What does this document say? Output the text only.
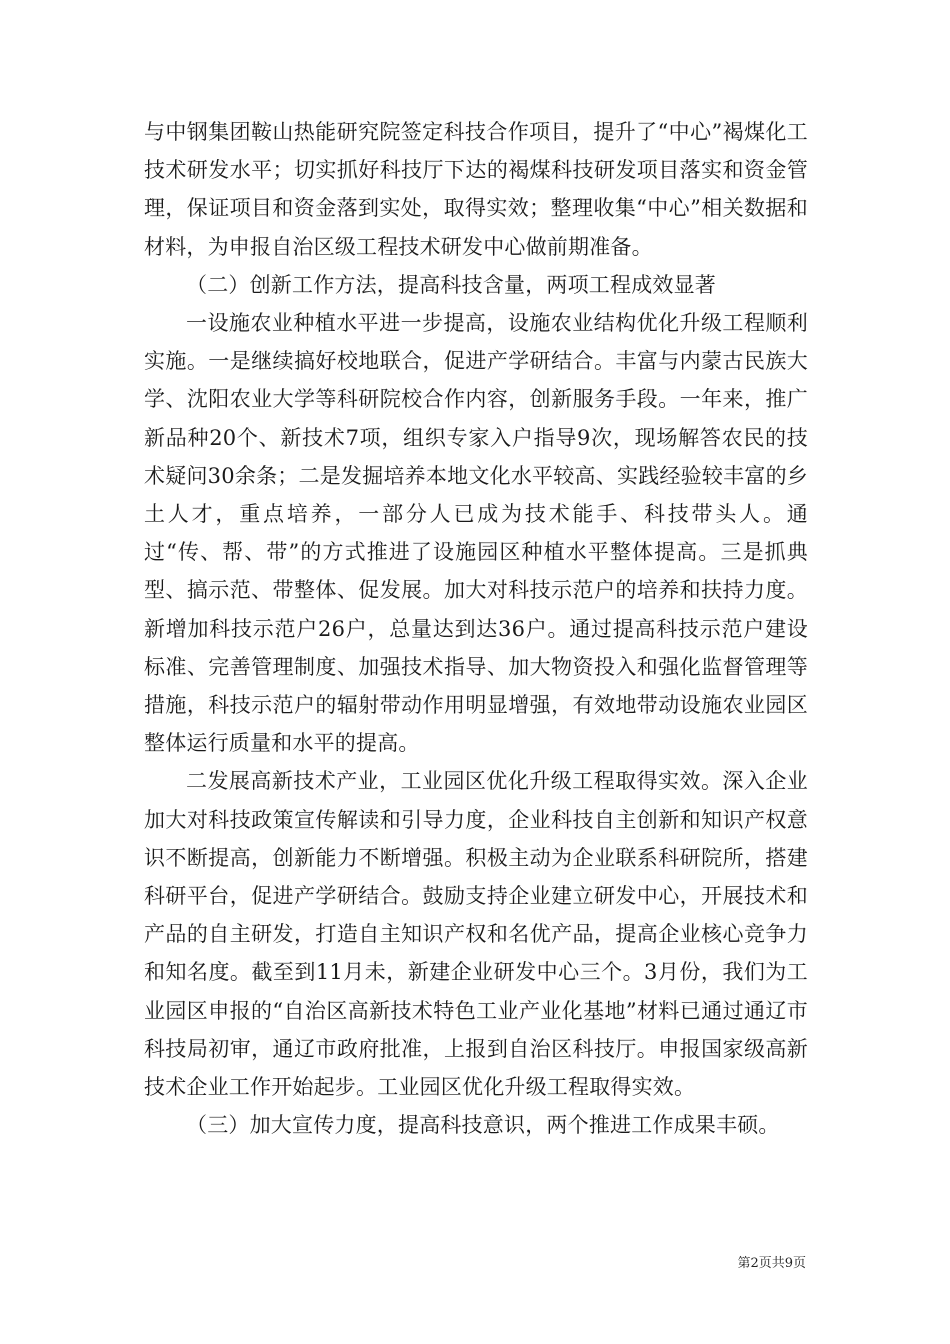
与中钢集团鞍山热能研究院签定科技合作项目，提升了“中心”褐煤化工技术研发水平；切实抓好科技厅下达的褐煤科技研发项目落实和资金管理，保证项目和资金落到实处，取得实效；整理收集“中心”相关数据和材料，为申报自治区级工程技术研发中心做前期准备。

（二）创新工作方法，提高科技含量，两项工程成效显著

一设施农业种植水平进一步提高，设施农业结构优化升级工程顺利实施。一是继续搞好校地联合，促进产学研结合。丰富与内蒙古民族大学、沈阳农业大学等科研院校合作内容，创新服务手段。一年来，推广新品种20个、新技术7项，组织专家入户指导9次，现场解答农民的技术疑问30余条；二是发掘培养本地文化水平较高、实践经验较丰富的乡土人才，重点培养，一部分人已成为技术能手、科技带头人。通过“传、帮、带”的方式推进了设施园区种植水平整体提高。三是抓典型、搞示范、带整体、促发展。加大对科技示范户的培养和扶持力度。新增加科技示范户26户，总量达到达36户。通过提高科技示范户建设标准、完善管理制度、加强技术指导、加大物资投入和强化监督管理等措施，科技示范户的辐射带动作用明显增强，有效地带动设施农业园区整体运行质量和水平的提高。

二发展高新技术产业，工业园区优化升级工程取得实效。深入企业加大对科技政策宣传解读和引导力度，企业科技自主创新和知识产权意识不断提高，创新能力不断增强。积极主动为企业联系科研院所，搭建科研平台，促进产学研结合。鼓励支持企业建立研发中心，开展技术和产品的自主研发，打造自主知识产权和名优产品，提高企业核心竞争力和知名度。截至到11月未，新建企业研发中心三个。3月份，我们为工业园区申报的“自治区高新技术特色工业产业化基地”材料已通过通辽市科技局初审，通辽市政府批准，上报到自治区科技厅。申报国家级高新技术企业工作开始起步。工业园区优化升级工程取得实效。

（三）加大宣传力度，提高科技意识，两个推进工作成果丰硕。

第2页共9页
